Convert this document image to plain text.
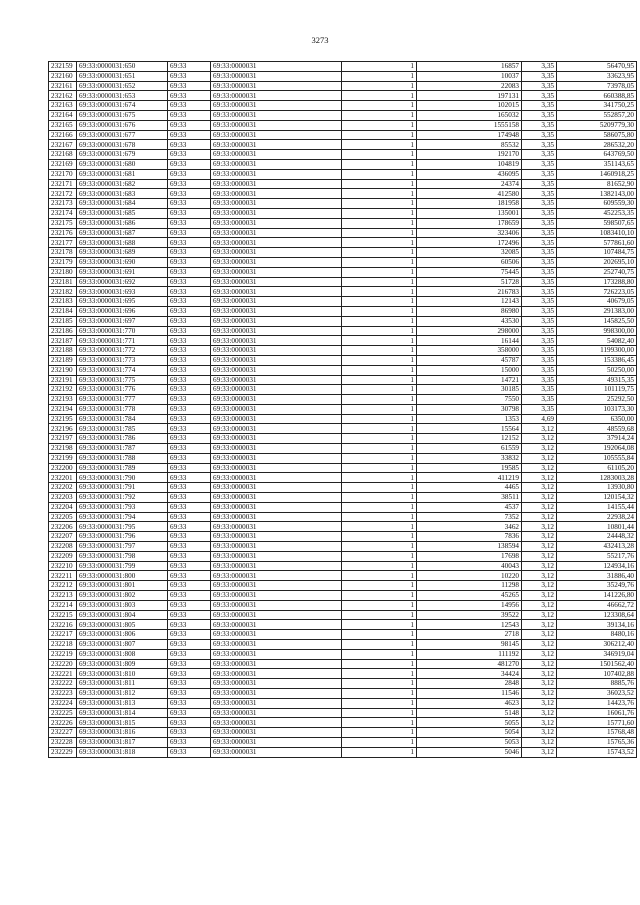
3273
232159	69:33:0000031:650	69:33	69:33:0000031	1	16857	3,35	56470,95
232160	69:33:0000031:651	69:33	69:33:0000031	1	10037	3,35	33623,95
232161	69:33:0000031:652	69:33	69:33:0000031	1	22083	3,35	73978,05
232162	69:33:0000031:653	69:33	69:33:0000031	1	197131	3,35	660388,85
232163	69:33:0000031:674	69:33	69:33:0000031	1	102015	3,35	341750,25
232164	69:33:0000031:675	69:33	69:33:0000031	1	165032	3,35	552857,20
232165	69:33:0000031:676	69:33	69:33:0000031	1	1555158	3,35	5209779,30
232166	69:33:0000031:677	69:33	69:33:0000031	1	174948	3,35	586075,80
232167	69:33:0000031:678	69:33	69:33:0000031	1	85532	3,35	286532,20
232168	69:33:0000031:679	69:33	69:33:0000031	1	192170	3,35	643769,50
232169	69:33:0000031:680	69:33	69:33:0000031	1	104819	3,35	351143,65
232170	69:33:0000031:681	69:33	69:33:0000031	1	436095	3,35	1460918,25
232171	69:33:0000031:682	69:33	69:33:0000031	1	24374	3,35	81652,90
232172	69:33:0000031:683	69:33	69:33:0000031	1	412580	3,35	1382143,00
232173	69:33:0000031:684	69:33	69:33:0000031	1	181958	3,35	609559,30
232174	69:33:0000031:685	69:33	69:33:0000031	1	135001	3,35	452253,35
232175	69:33:0000031:686	69:33	69:33:0000031	1	178659	3,35	598507,65
232176	69:33:0000031:687	69:33	69:33:0000031	1	323406	3,35	1083410,10
232177	69:33:0000031:688	69:33	69:33:0000031	1	172496	3,35	577861,60
232178	69:33:0000031:689	69:33	69:33:0000031	1	32085	3,35	107484,75
232179	69:33:0000031:690	69:33	69:33:0000031	1	60506	3,35	202695,10
232180	69:33:0000031:691	69:33	69:33:0000031	1	75445	3,35	252740,75
232181	69:33:0000031:692	69:33	69:33:0000031	1	51728	3,35	173288,80
232182	69:33:0000031:693	69:33	69:33:0000031	1	216783	3,35	726223,05
232183	69:33:0000031:695	69:33	69:33:0000031	1	12143	3,35	40679,05
232184	69:33:0000031:696	69:33	69:33:0000031	1	86980	3,35	291383,00
232185	69:33:0000031:697	69:33	69:33:0000031	1	43530	3,35	145825,50
232186	69:33:0000031:770	69:33	69:33:0000031	1	298000	3,35	998300,00
232187	69:33:0000031:771	69:33	69:33:0000031	1	16144	3,35	54082,40
232188	69:33:0000031:772	69:33	69:33:0000031	1	358000	3,35	1199300,00
232189	69:33:0000031:773	69:33	69:33:0000031	1	45787	3,35	153386,45
232190	69:33:0000031:774	69:33	69:33:0000031	1	15000	3,35	50250,00
232191	69:33:0000031:775	69:33	69:33:0000031	1	14721	3,35	49315,35
232192	69:33:0000031:776	69:33	69:33:0000031	1	30185	3,35	101119,75
232193	69:33:0000031:777	69:33	69:33:0000031	1	7550	3,35	25292,50
232194	69:33:0000031:778	69:33	69:33:0000031	1	30798	3,35	103173,30
232195	69:33:0000031:784	69:33	69:33:0000031	1	1353	4,69	6350,00
232196	69:33:0000031:785	69:33	69:33:0000031	1	15564	3,12	48559,68
232197	69:33:0000031:786	69:33	69:33:0000031	1	12152	3,12	37914,24
232198	69:33:0000031:787	69:33	69:33:0000031	1	61559	3,12	192064,08
232199	69:33:0000031:788	69:33	69:33:0000031	1	33832	3,12	105555,84
232200	69:33:0000031:789	69:33	69:33:0000031	1	19585	3,12	61105,20
232201	69:33:0000031:790	69:33	69:33:0000031	1	411219	3,12	1283003,28
232202	69:33:0000031:791	69:33	69:33:0000031	1	4465	3,12	13930,80
232203	69:33:0000031:792	69:33	69:33:0000031	1	38511	3,12	120154,32
232204	69:33:0000031:793	69:33	69:33:0000031	1	4537	3,12	14155,44
232205	69:33:0000031:794	69:33	69:33:0000031	1	7352	3,12	22938,24
232206	69:33:0000031:795	69:33	69:33:0000031	1	3462	3,12	10801,44
232207	69:33:0000031:796	69:33	69:33:0000031	1	7836	3,12	24448,32
232208	69:33:0000031:797	69:33	69:33:0000031	1	138594	3,12	432413,28
232209	69:33:0000031:798	69:33	69:33:0000031	1	17698	3,12	55217,76
232210	69:33:0000031:799	69:33	69:33:0000031	1	40043	3,12	124934,16
232211	69:33:0000031:800	69:33	69:33:0000031	1	10220	3,12	31886,40
232212	69:33:0000031:801	69:33	69:33:0000031	1	11298	3,12	35249,76
232213	69:33:0000031:802	69:33	69:33:0000031	1	45265	3,12	141226,80
232214	69:33:0000031:803	69:33	69:33:0000031	1	14956	3,12	46662,72
232215	69:33:0000031:804	69:33	69:33:0000031	1	39522	3,12	123308,64
232216	69:33:0000031:805	69:33	69:33:0000031	1	12543	3,12	39134,16
232217	69:33:0000031:806	69:33	69:33:0000031	1	2718	3,12	8480,16
232218	69:33:0000031:807	69:33	69:33:0000031	1	98145	3,12	306212,40
232219	69:33:0000031:808	69:33	69:33:0000031	1	111192	3,12	346919,04
232220	69:33:0000031:809	69:33	69:33:0000031	1	481270	3,12	1501562,40
232221	69:33:0000031:810	69:33	69:33:0000031	1	34424	3,12	107402,88
232222	69:33:0000031:811	69:33	69:33:0000031	1	2848	3,12	8885,76
232223	69:33:0000031:812	69:33	69:33:0000031	1	11546	3,12	36023,52
232224	69:33:0000031:813	69:33	69:33:0000031	1	4623	3,12	14423,76
232225	69:33:0000031:814	69:33	69:33:0000031	1	5148	3,12	16061,76
232226	69:33:0000031:815	69:33	69:33:0000031	1	5055	3,12	15771,60
232227	69:33:0000031:816	69:33	69:33:0000031	1	5054	3,12	15768,48
232228	69:33:0000031:817	69:33	69:33:0000031	1	5053	3,12	15765,36
232229	69:33:0000031:818	69:33	69:33:0000031	1	5046	3,12	15743,52
